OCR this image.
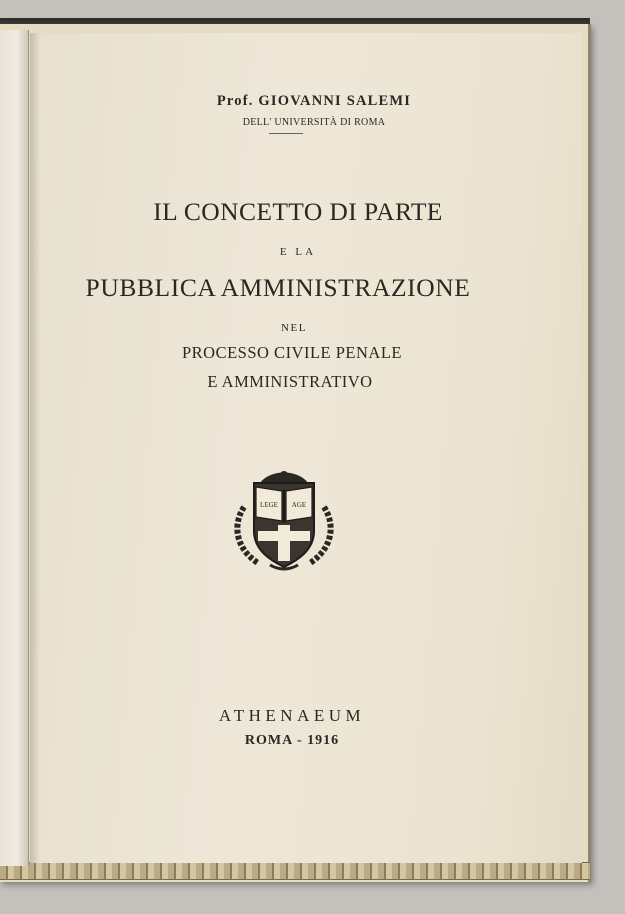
Prof. GIOVANNI SALEMI
DELL' UNIVERSITÀ DI ROMA
IL CONCETTO DI PARTE
E LA
PUBBLICA AMMINISTRAZIONE
NEL
PROCESSO CIVILE PENALE
E AMMINISTRATIVO
LEGE AGE
ATHENAEUM
ROMA - 1916
